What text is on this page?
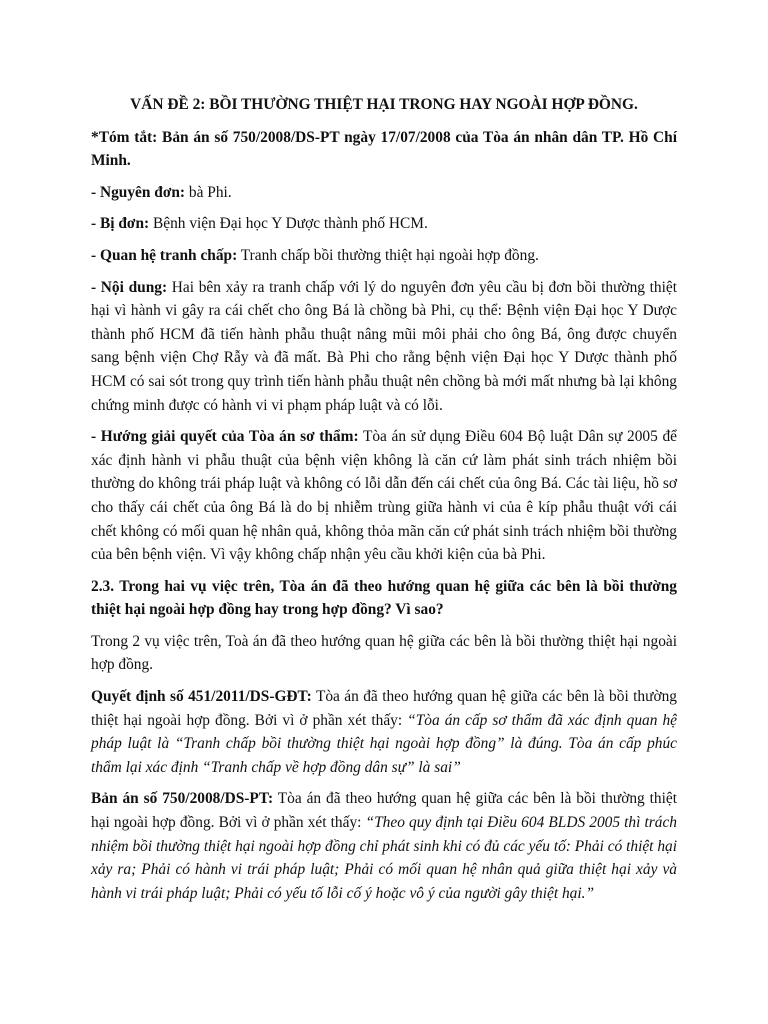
VẤN ĐỀ 2: BỒI THƯỜNG THIỆT HẠI TRONG HAY NGOÀI HỢP ĐỒNG.

*Tóm tắt: Bản án số 750/2008/DS-PT ngày 17/07/2008 của Tòa án nhân dân TP. Hồ Chí Minh.

- Nguyên đơn: bà Phi.

- Bị đơn: Bệnh viện Đại học Y Dược thành phố HCM.

- Quan hệ tranh chấp: Tranh chấp bồi thường thiệt hại ngoài hợp đồng.

- Nội dung: Hai bên xảy ra tranh chấp với lý do nguyên đơn yêu cầu bị đơn bồi thường thiệt hại vì hành vi gây ra cái chết cho ông Bá là chồng bà Phi, cụ thể: Bệnh viện Đại học Y Dược thành phố HCM đã tiến hành phẫu thuật nâng mũi môi phải cho ông Bá, ông được chuyển sang bệnh viện Chợ Rẫy và đã mất. Bà Phi cho rằng bệnh viện Đại học Y Dược thành phố HCM có sai sót trong quy trình tiến hành phẫu thuật nên chồng bà mới mất nhưng bà lại không chứng minh được có hành vi vi phạm pháp luật và có lỗi.

- Hướng giải quyết của Tòa án sơ thẩm: Tòa án sử dụng Điều 604 Bộ luật Dân sự 2005 để xác định hành vi phẫu thuật của bệnh viện không là căn cứ làm phát sinh trách nhiệm bồi thường do không trái pháp luật và không có lỗi dẫn đến cái chết của ông Bá. Các tài liệu, hồ sơ cho thấy cái chết của ông Bá là do bị nhiễm trùng giữa hành vi của ê kíp phẫu thuật với cái chết không có mối quan hệ nhân quả, không thỏa mãn căn cứ phát sinh trách nhiệm bồi thường của bên bệnh viện. Vì vậy không chấp nhận yêu cầu khởi kiện của bà Phi.

2.3. Trong hai vụ việc trên, Tòa án đã theo hướng quan hệ giữa các bên là bồi thường thiệt hại ngoài hợp đồng hay trong hợp đồng? Vì sao?

Trong 2 vụ việc trên, Toà án đã theo hướng quan hệ giữa các bên là bồi thường thiệt hại ngoài hợp đồng.

Quyết định số 451/2011/DS-GĐT: Tòa án đã theo hướng quan hệ giữa các bên là bồi thường thiệt hại ngoài hợp đồng. Bởi vì ở phần xét thấy: “Tòa án cấp sơ thẩm đã xác định quan hệ pháp luật là “Tranh chấp bồi thường thiệt hại ngoài hợp đồng” là đúng. Tòa án cấp phúc thẩm lại xác định “Tranh chấp về hợp đồng dân sự” là sai”

Bản án số 750/2008/DS-PT: Tòa án đã theo hướng quan hệ giữa các bên là bồi thường thiệt hại ngoài hợp đồng. Bởi vì ở phần xét thấy: “Theo quy định tại Điều 604 BLDS 2005 thì trách nhiệm bồi thường thiệt hại ngoài hợp đồng chỉ phát sinh khi có đủ các yếu tố: Phải có thiệt hại xảy ra; Phải có hành vi trái pháp luật; Phải có mối quan hệ nhân quả giữa thiệt hại xảy và hành vi trái pháp luật; Phải có yếu tố lỗi cố ý hoặc vô ý của người gây thiệt hại.”
